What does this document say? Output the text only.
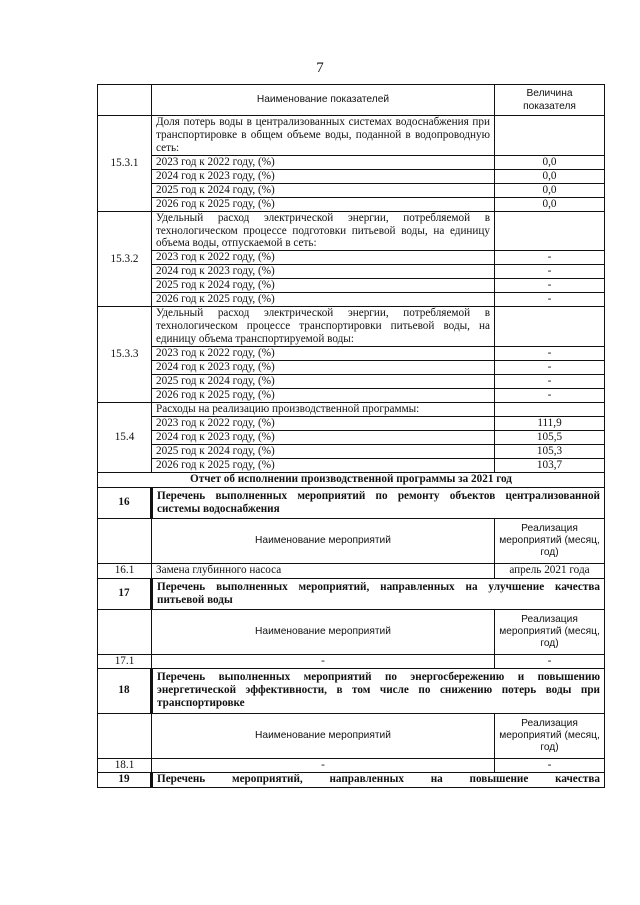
7
	Наименование показателей	Величина показателя
15.3.1	Доля потерь воды в централизованных системах водоснабжения при транспортировке в общем объеме воды, поданной в водопроводную сеть:	
	2023 год к 2022 году, (%)	0,0
	2024 год к 2023 году, (%)	0,0
	2025 год к 2024 году, (%)	0,0
	2026 год к 2025 году, (%)	0,0
15.3.2	Удельный расход электрической энергии, потребляемой в технологическом процессе подготовки питьевой воды, на единицу объема воды, отпускаемой в сеть:	
	2023 год к 2022 году, (%)	-
	2024 год к 2023 году, (%)	-
	2025 год к 2024 году, (%)	-
	2026 год к 2025 году, (%)	-
15.3.3	Удельный расход электрической энергии, потребляемой в технологическом процессе транспортировки питьевой воды, на единицу объема транспортируемой воды:	
	2023 год к 2022 году, (%)	-
	2024 год к 2023 году, (%)	-
	2025 год к 2024 году, (%)	-
	2026 год к 2025 году, (%)	-
15.4	Расходы на реализацию производственной программы:	
	2023 год к 2022 году, (%)	111,9
	2024 год к 2023 году, (%)	105,5
	2025 год к 2024 году, (%)	105,3
	2026 год к 2025 году, (%)	103,7
Отчет об исполнении производственной программы за 2021 год		
16	Перечень выполненных мероприятий по ремонту объектов централизованной системы водоснабжения	
	Наименование мероприятий	Реализация мероприятий (месяц, год)
16.1	Замена глубинного насоса	апрель 2021 года
17	Перечень выполненных мероприятий, направленных на улучшение качества питьевой воды	
	Наименование мероприятий	Реализация мероприятий (месяц, год)
17.1	-	-
18	Перечень выполненных мероприятий по энергосбережению и повышению энергетической эффективности, в том числе по снижению потерь воды при транспортировке	
	Наименование мероприятий	Реализация мероприятий (месяц, год)
18.1	-	-
19	Перечень мероприятий, направленных на повышение качества	
